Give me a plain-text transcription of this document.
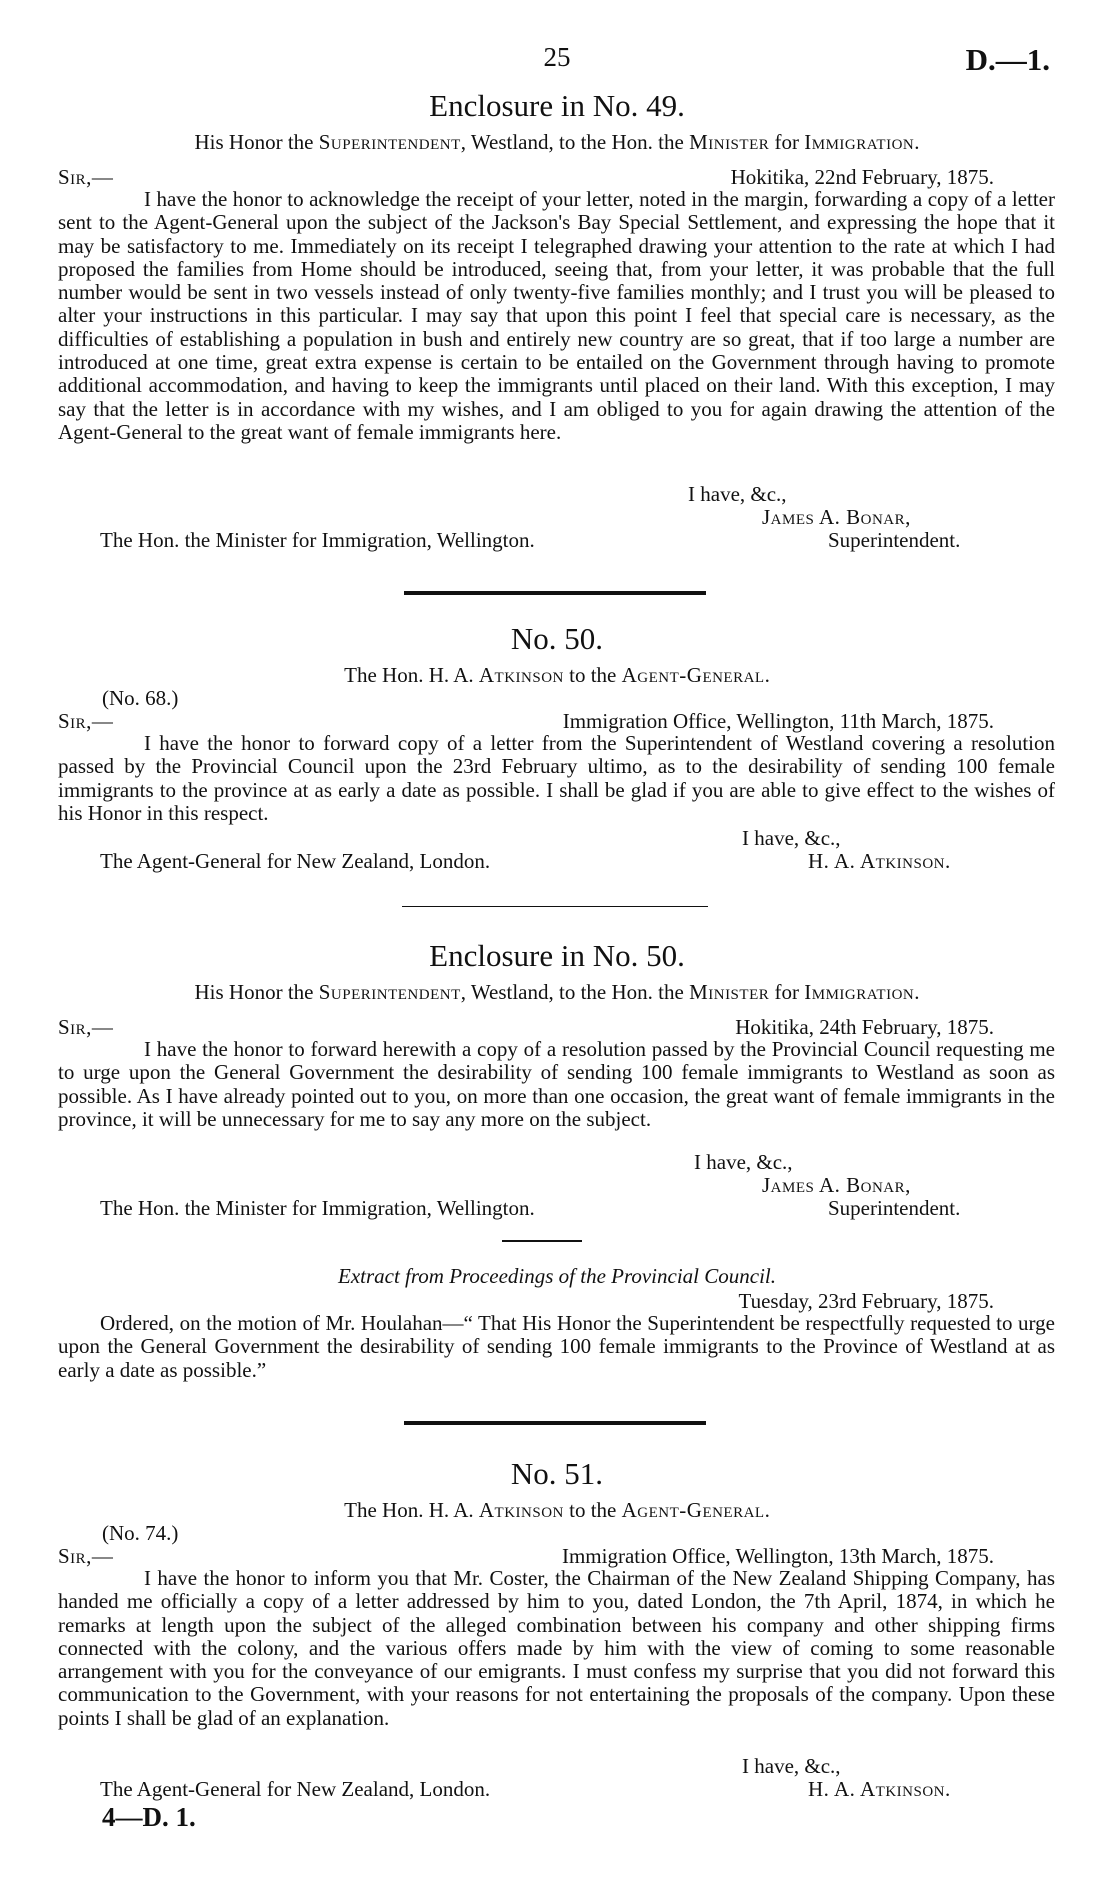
25	D.—1.
Enclosure in No. 49.
His Honor the Superintendent, Westland, to the Hon. the Minister for Immigration.
Sir,—	Hokitika, 22nd February, 1875.

I have the honor to acknowledge the receipt of your letter, noted in the margin, forwarding a copy of a letter sent to the Agent-General upon the subject of the Jackson's Bay Special Settlement, and expressing the hope that it may be satisfactory to me. Immediately on its receipt I telegraphed drawing your attention to the rate at which I had proposed the families from Home should be introduced, seeing that, from your letter, it was probable that the full number would be sent in two vessels instead of only twenty-five families monthly; and I trust you will be pleased to alter your instructions in this particular. I may say that upon this point I feel that special care is necessary, as the difficulties of establishing a population in bush and entirely new country are so great, that if too large a number are introduced at one time, great extra expense is certain to be entailed on the Government through having to promote additional accommodation, and having to keep the immigrants until placed on their land. With this exception, I may say that the letter is in accordance with my wishes, and I am obliged to you for again drawing the attention of the Agent-General to the great want of female immigrants here.

I have, &c.,
James A. Bonar,
Superintendent.
The Hon. the Minister for Immigration, Wellington.
No. 50.
The Hon. H. A. Atkinson to the Agent-General.
(No. 68.)
Sir,—	Immigration Office, Wellington, 11th March, 1875.

I have the honor to forward copy of a letter from the Superintendent of Westland covering a resolution passed by the Provincial Council upon the 23rd February ultimo, as to the desirability of sending 100 female immigrants to the province at as early a date as possible. I shall be glad if you are able to give effect to the wishes of his Honor in this respect.

I have, &c.,
H. A. Atkinson.
The Agent-General for New Zealand, London.
Enclosure in No. 50.
His Honor the Superintendent, Westland, to the Hon. the Minister for Immigration.
Sir,—	Hokitika, 24th February, 1875.

I have the honor to forward herewith a copy of a resolution passed by the Provincial Council requesting me to urge upon the General Government the desirability of sending 100 female immigrants to Westland as soon as possible. As I have already pointed out to you, on more than one occasion, the great want of female immigrants in the province, it will be unnecessary for me to say any more on the subject.

I have, &c.,
James A. Bonar,
Superintendent.
The Hon. the Minister for Immigration, Wellington.
Extract from Proceedings of the Provincial Council.
Tuesday, 23rd February, 1875.

Ordered, on the motion of Mr. Houlahan—“ That His Honor the Superintendent be respectfully requested to urge upon the General Government the desirability of sending 100 female immigrants to the Province of Westland at as early a date as possible.”

No. 51.
The Hon. H. A. Atkinson to the Agent-General.
(No. 74.)
Sir,—	Immigration Office, Wellington, 13th March, 1875.

I have the honor to inform you that Mr. Coster, the Chairman of the New Zealand Shipping Company, has handed me officially a copy of a letter addressed by him to you, dated London, the 7th April, 1874, in which he remarks at length upon the subject of the alleged combination between his company and other shipping firms connected with the colony, and the various offers made by him with the view of coming to some reasonable arrangement with you for the conveyance of our emigrants. I must confess my surprise that you did not forward this communication to the Government, with your reasons for not entertaining the proposals of the company. Upon these points I shall be glad of an explanation.

I have, &c.,
H. A. Atkinson.
The Agent-General for New Zealand, London.
4—D. 1.
